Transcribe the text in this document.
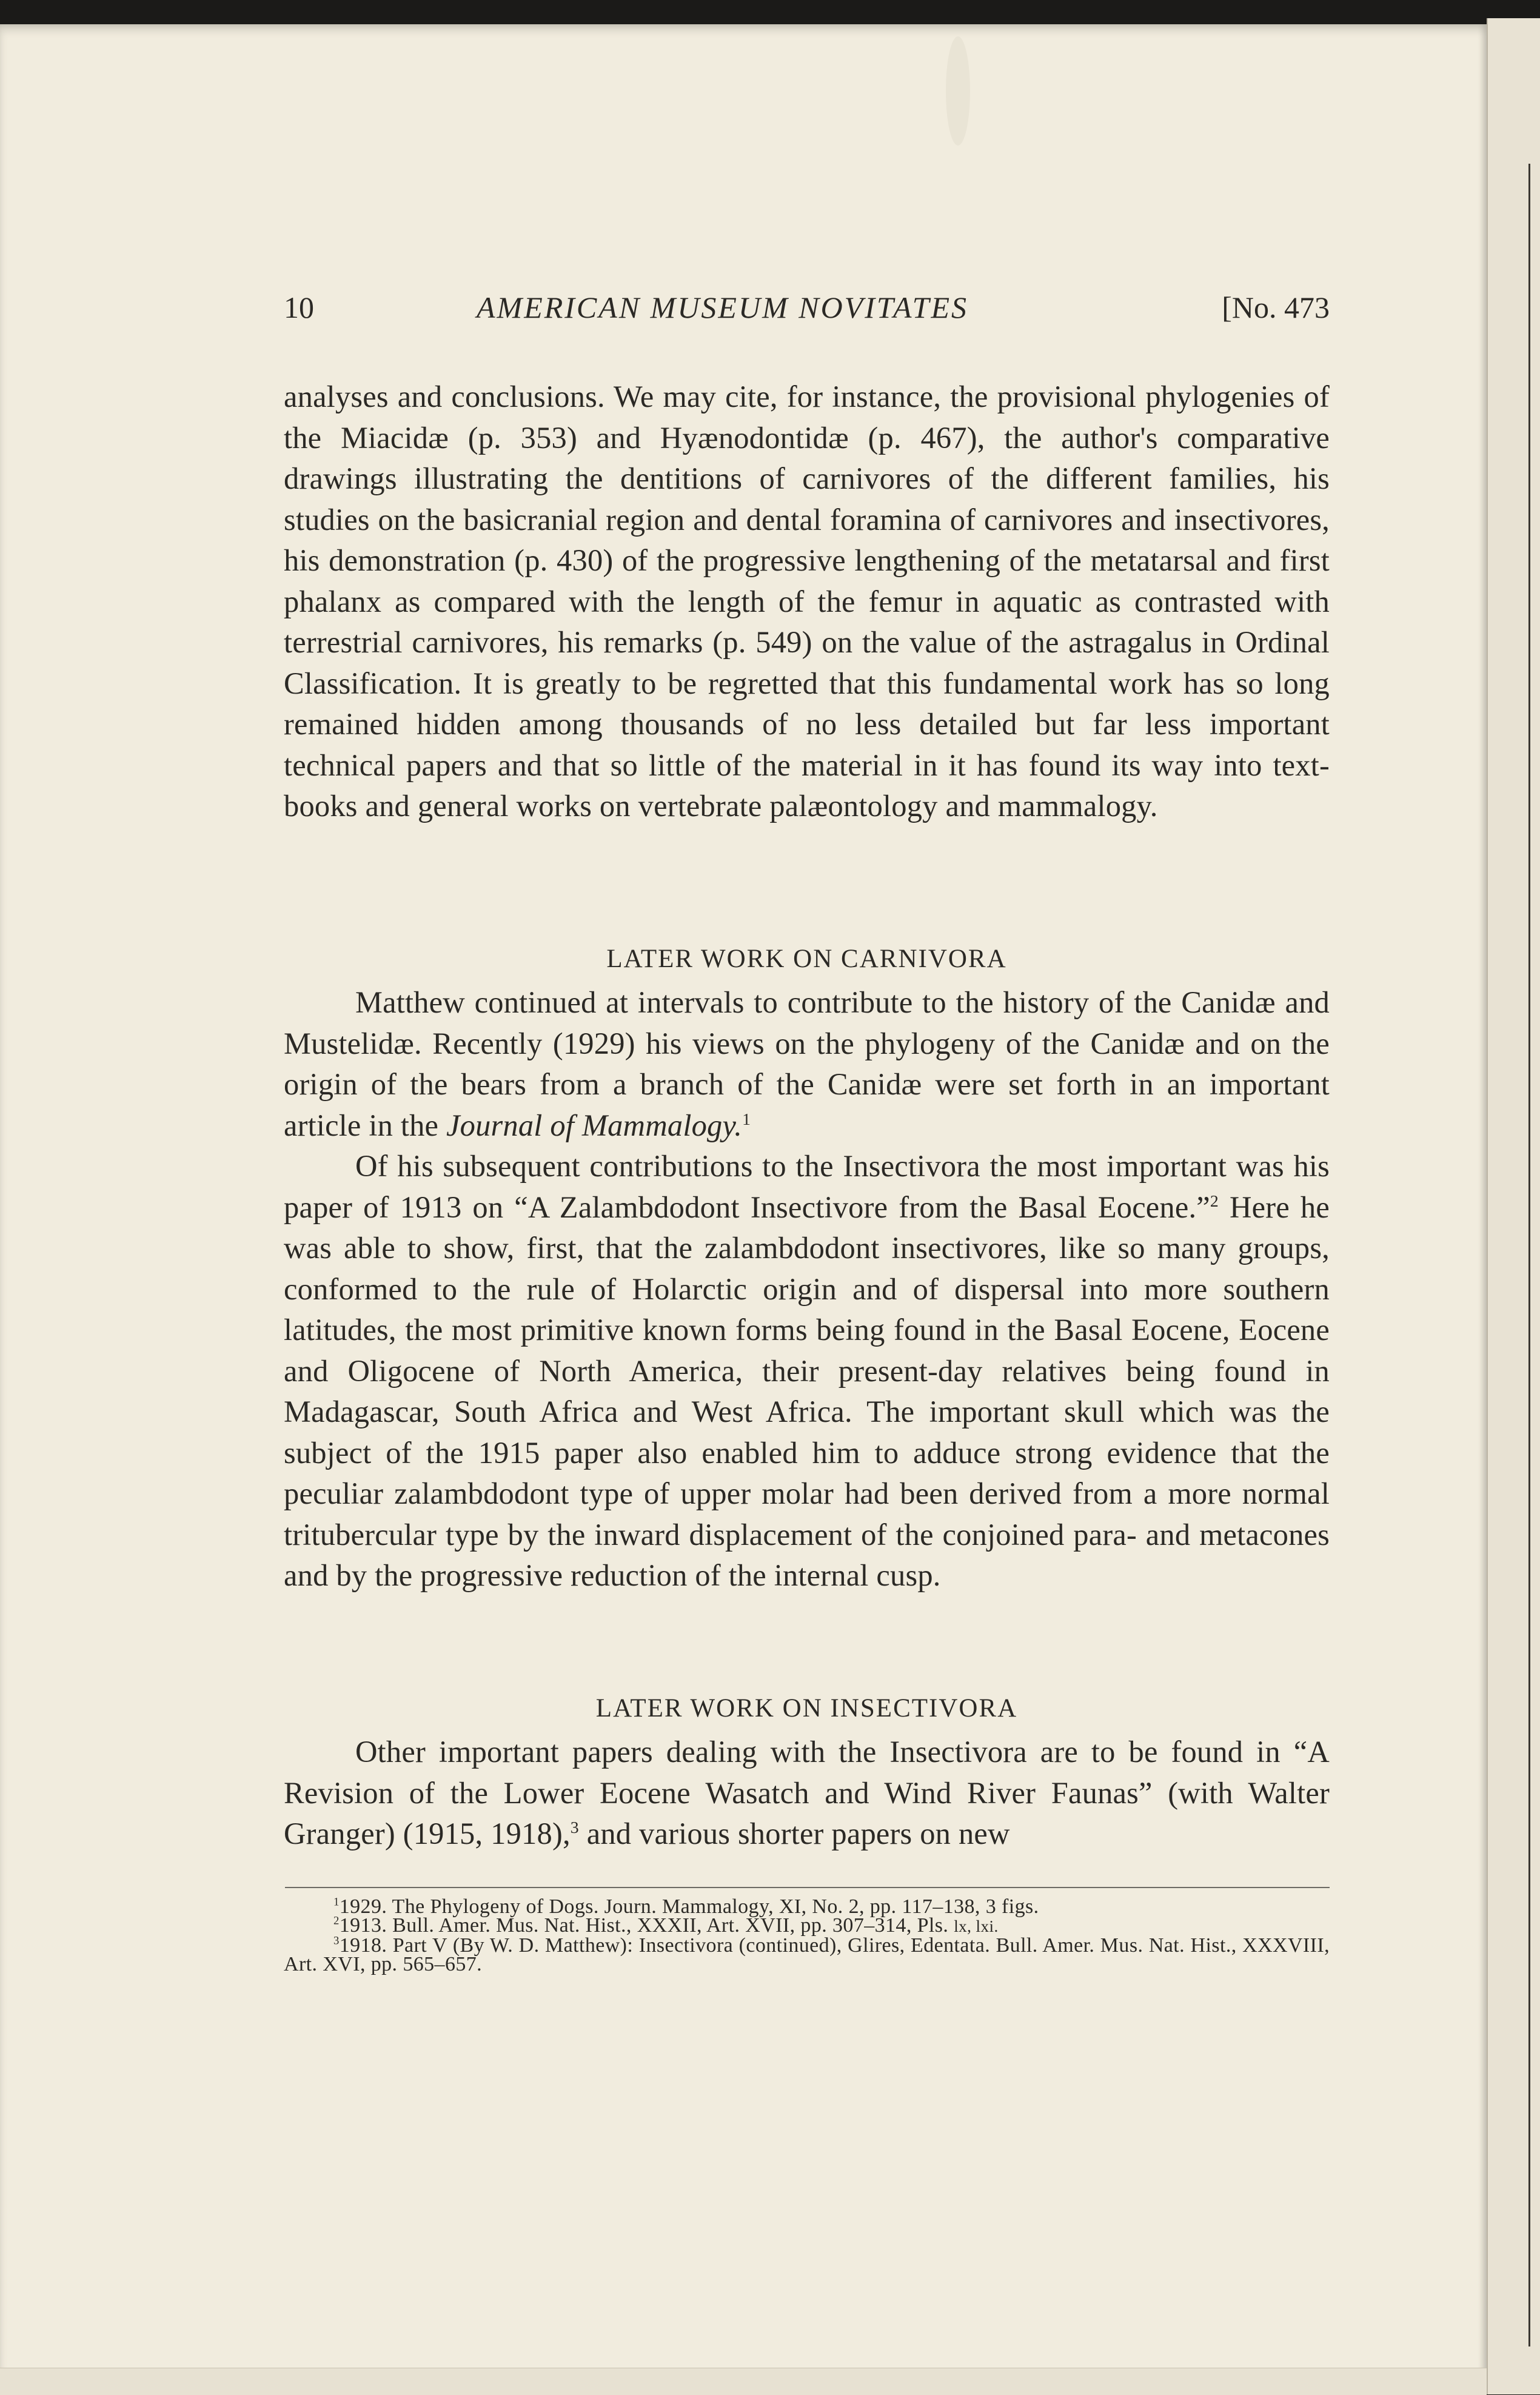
10	AMERICAN MUSEUM NOVITATES	[No. 473

analyses and conclusions. We may cite, for instance, the provisional phylogenies of the Miacidæ (p. 353) and Hyænodontidæ (p. 467), the author's comparative drawings illustrating the dentitions of carnivores of the different families, his studies on the basicranial region and dental foramina of carnivores and insectivores, his demonstration (p. 430) of the progressive lengthening of the metatarsal and first phalanx as compared with the length of the femur in aquatic as contrasted with terrestrial carnivores, his remarks (p. 549) on the value of the astragalus in Ordinal Classification. It is greatly to be regretted that this fundamental work has so long remained hidden among thousands of no less detailed but far less important technical papers and that so little of the material in it has found its way into text-books and general works on vertebrate palæontology and mammalogy.

LATER WORK ON CARNIVORA

Matthew continued at intervals to contribute to the history of the Canidæ and Mustelidæ. Recently (1929) his views on the phylogeny of the Canidæ and on the origin of the bears from a branch of the Canidæ were set forth in an important article in the Journal of Mammalogy.$^1$

Of his subsequent contributions to the Insectivora the most important was his paper of 1913 on “A Zalambdodont Insectivore from the Basal Eocene.”$^2$ Here he was able to show, first, that the zalambdodont insectivores, like so many groups, conformed to the rule of Holarctic origin and of dispersal into more southern latitudes, the most primitive known forms being found in the Basal Eocene, Eocene and Oligocene of North America, their present-day relatives being found in Madagascar, South Africa and West Africa. The important skull which was the subject of the 1915 paper also enabled him to adduce strong evidence that the peculiar zalambdodont type of upper molar had been derived from a more normal tritubercular type by the inward displacement of the conjoined para- and metacones and by the progressive reduction of the internal cusp.

LATER WORK ON INSECTIVORA

Other important papers dealing with the Insectivora are to be found in “A Revision of the Lower Eocene Wasatch and Wind River Faunas” (with Walter Granger) (1915, 1918),$^3$ and various shorter papers on new

$^1$1929. The Phylogeny of Dogs. Journ. Mammalogy, XI, No. 2, pp. 117–138, 3 figs.

$^2$1913. Bull. Amer. Mus. Nat. Hist., XXXII, Art. XVII, pp. 307–314, Pls. lx, lxi.

$^3$1918. Part V (By W. D. Matthew): Insectivora (continued), Glires, Edentata. Bull. Amer. Mus. Nat. Hist., XXXVIII, Art. XVI, pp. 565–657.
